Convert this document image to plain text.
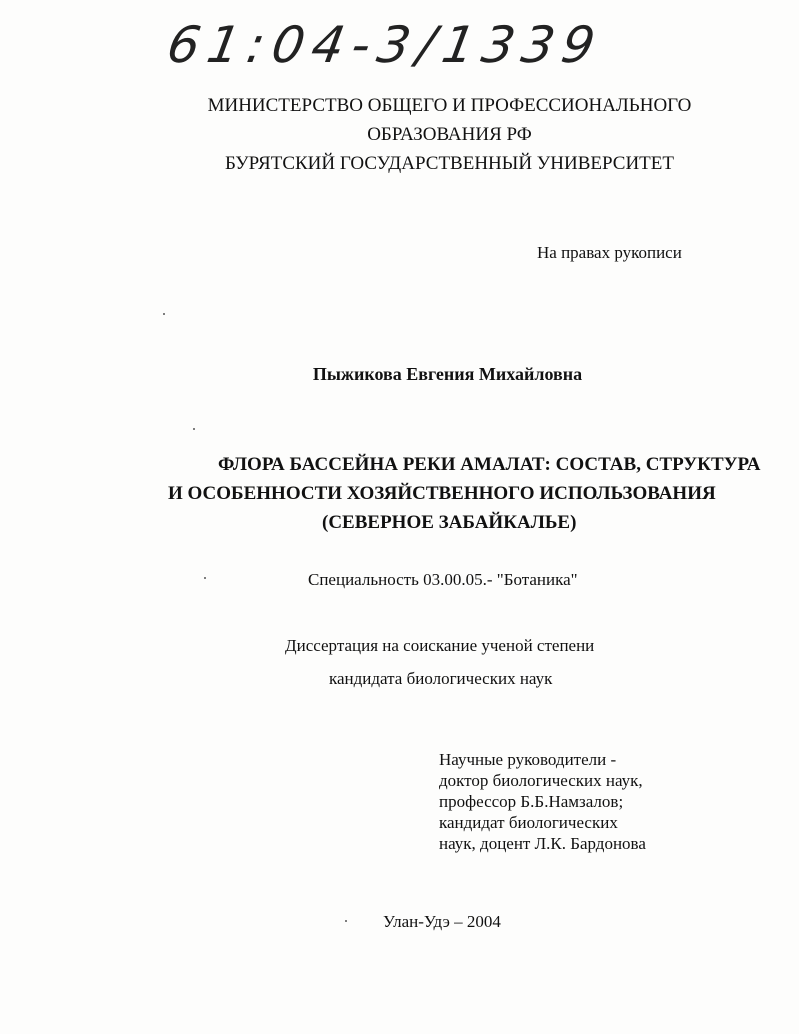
61:04-3/1339
МИНИСТЕРСТВО ОБЩЕГО И ПРОФЕССИОНАЛЬНОГО
ОБРАЗОВАНИЯ РФ
БУРЯТСКИЙ ГОСУДАРСТВЕННЫЙ УНИВЕРСИТЕТ
На правах рукописи
Пыжикова Евгения Михайловна
ФЛОРА БАССЕЙНА РЕКИ АМАЛАТ: СОСТАВ, СТРУКТУРА
И ОСОБЕННОСТИ ХОЗЯЙСТВЕННОГО ИСПОЛЬЗОВАНИЯ
(СЕВЕРНОЕ ЗАБАЙКАЛЬЕ)
Специальность 03.00.05.- "Ботаника"
Диссертация на соискание ученой степени
кандидата биологических наук
Научные руководители -
доктор биологических наук,
профессор Б.Б.Намзалов;
кандидат биологических
наук, доцент Л.К. Бардонова
Улан-Удэ – 2004
